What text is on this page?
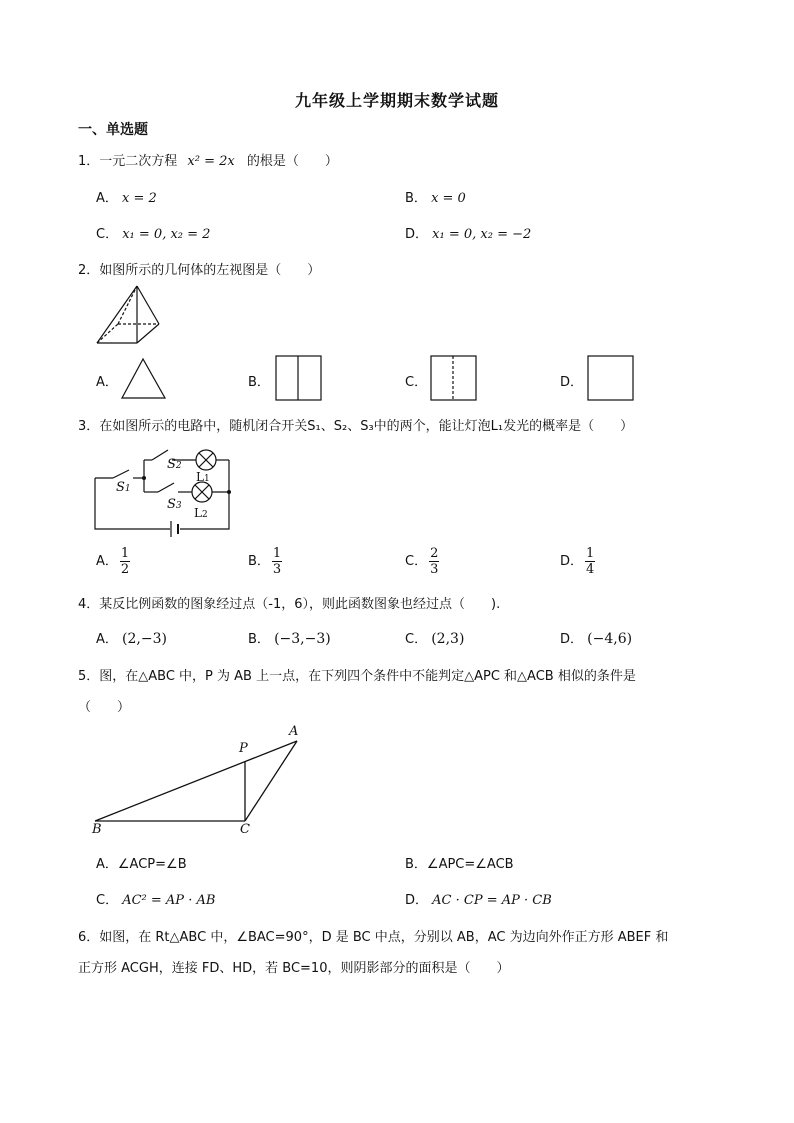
九年级上学期期末数学试题
一、单选题
1．一元二次方程 x² = 2x 的根是（　　）
A． x = 2	B． x = 0
C． x₁ = 0, x₂ = 2	D． x₁ = 0, x₂ = −2
2．如图所示的几何体的左视图是（　　）
A．	B．	C．	D．
3．在如图所示的电路中，随机闭合开关S₁、S₂、S₃中的两个，能让灯泡L₁发光的概率是（　　）
S1
S2
S3
L1
L2
A． $\frac{1}{2}$	B． $\frac{1}{3}$	C． $\frac{2}{3}$	D． $\frac{1}{4}$
4．某反比例函数的图象经过点（-1，6），则此函数图象也经过点（　　).
A． (2,−3)	B． (−3,−3)	C． (2,3)	D． (−4,6)
5．图，在△ABC 中，P 为 AB 上一点，在下列四个条件中不能判定△APC 和△ACB 相似的条件是
（　　）
A
P
B	C
A．∠ACP=∠B	B．∠APC=∠ACB
C． AC² = AP · AB	D． AC · CP = AP · CB
6．如图，在 Rt△ABC 中，∠BAC=90°，D 是 BC 中点，分别以 AB，AC 为边向外作正方形 ABEF 和
正方形 ACGH，连接 FD、HD，若 BC=10，则阴影部分的面积是（　　）
